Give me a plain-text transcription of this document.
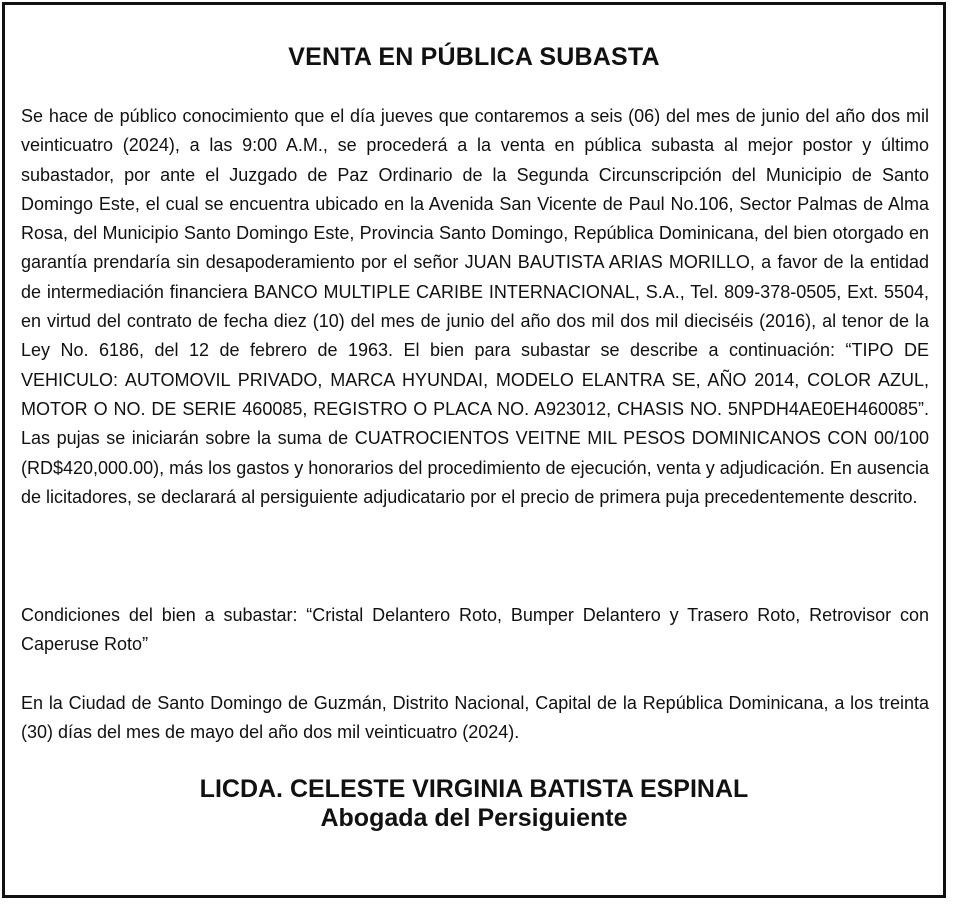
VENTA EN PÚBLICA SUBASTA

Se hace de público conocimiento que el día jueves que contaremos a seis (06) del mes de junio del año dos mil veinticuatro (2024), a las 9:00 A.M., se procederá a la venta en pública subasta al mejor postor y último subastador, por ante el Juzgado de Paz Ordinario de la Segunda Circunscripción del Municipio de Santo Domingo Este, el cual se encuentra ubicado en la Avenida San Vicente de Paul No.106, Sector Palmas de Alma Rosa, del Municipio Santo Domingo Este, Provincia Santo Domingo, República Dominicana, del bien otorgado en garantía prendaría sin desapoderamiento por el señor JUAN BAUTISTA ARIAS MORILLO, a favor de la entidad de intermediación financiera BANCO MULTIPLE CARIBE INTERNACIONAL, S.A., Tel. 809-378-0505, Ext. 5504, en virtud del contrato de fecha diez (10) del mes de junio del año dos mil dos mil dieciséis (2016), al tenor de la Ley No. 6186, del 12 de febrero de 1963. El bien para subastar se describe a continuación: “TIPO DE VEHICULO: AUTOMOVIL PRIVADO, MARCA HYUNDAI, MODELO ELANTRA SE, AÑO 2014, COLOR AZUL, MOTOR O NO. DE SERIE 460085, REGISTRO O PLACA NO. A923012, CHASIS NO. 5NPDH4AE0EH460085”. Las pujas se iniciarán sobre la suma de CUATROCIENTOS VEITNE MIL PESOS DOMINICANOS CON 00/100 (RD$420,000.00), más los gastos y honorarios del procedimiento de ejecución, venta y adjudicación. En ausencia de licitadores, se declarará al persiguiente adjudicatario por el precio de primera puja precedentemente descrito.

Condiciones del bien a subastar: “Cristal Delantero Roto, Bumper Delantero y Trasero Roto, Retrovisor con Caperuse Roto”

En la Ciudad de Santo Domingo de Guzmán, Distrito Nacional, Capital de la República Dominicana, a los treinta (30) días del mes de mayo del año dos mil veinticuatro (2024).

LICDA. CELESTE VIRGINIA BATISTA ESPINAL
Abogada del Persiguiente
